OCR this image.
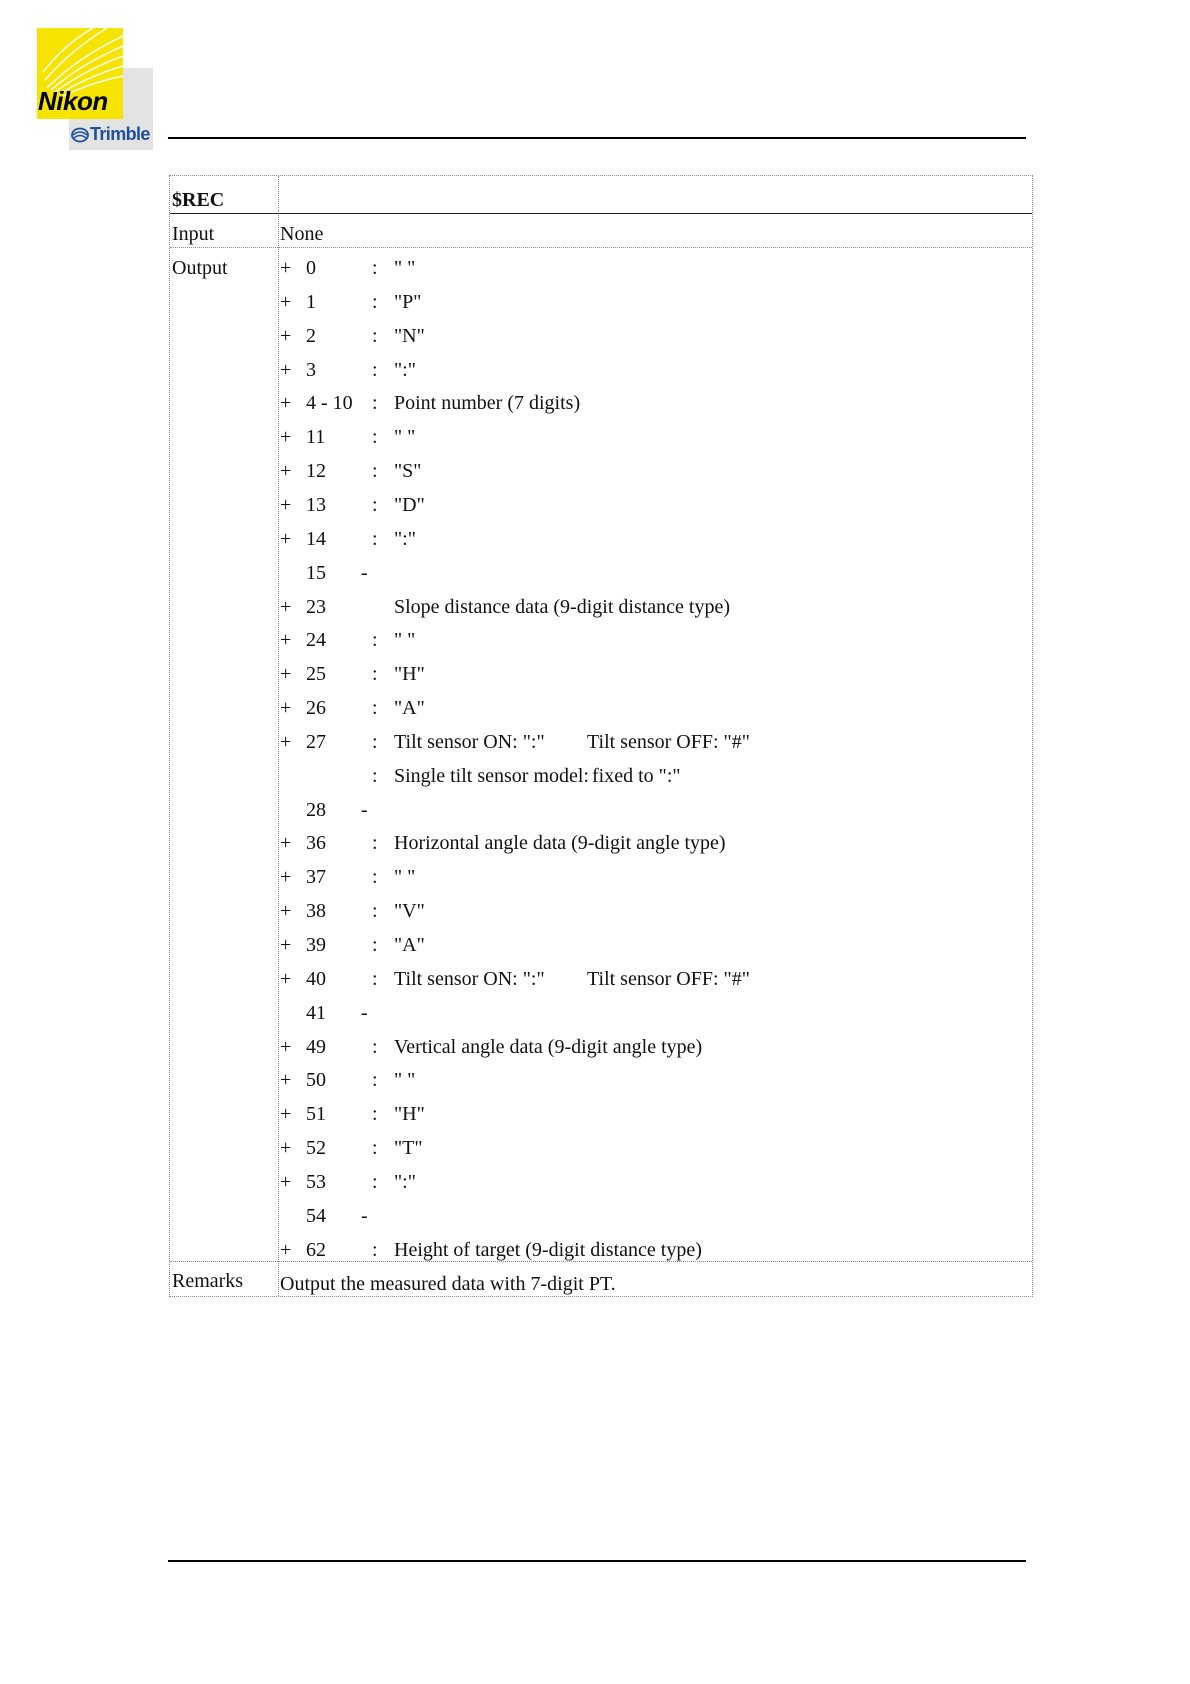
Nikon
Trimble
$REC
Input	None
Output	+ 0	: " "
+ 1	: "P"
+ 2	: "N"
+ 3	: ":"
+ 4 - 10 : Point number (7 digits)
+ 11 : " "
+ 12 : "S"
+ 13 : "D"
+ 14 : ":"
15 -
+ 23	Slope distance data (9-digit distance type)
+ 24 : " "
+ 25 : "H"
+ 26 : "A"
+ 27 : Tilt sensor ON: ":" Tilt sensor OFF: "#"
: Single tilt sensor model: fixed to ":"
28 -
+ 36 : Horizontal angle data (9-digit angle type)
+ 37 : " "
+ 38 : "V"
+ 39 : "A"
+ 40 : Tilt sensor ON: ":" Tilt sensor OFF: "#"
41 -
+ 49 : Vertical angle data (9-digit angle type)
+ 50 : " "
+ 51 : "H"
+ 52 : "T"
+ 53 : ":"
54 -
+ 62 : Height of target (9-digit distance type)
Remarks Output the measured data with 7-digit PT.
